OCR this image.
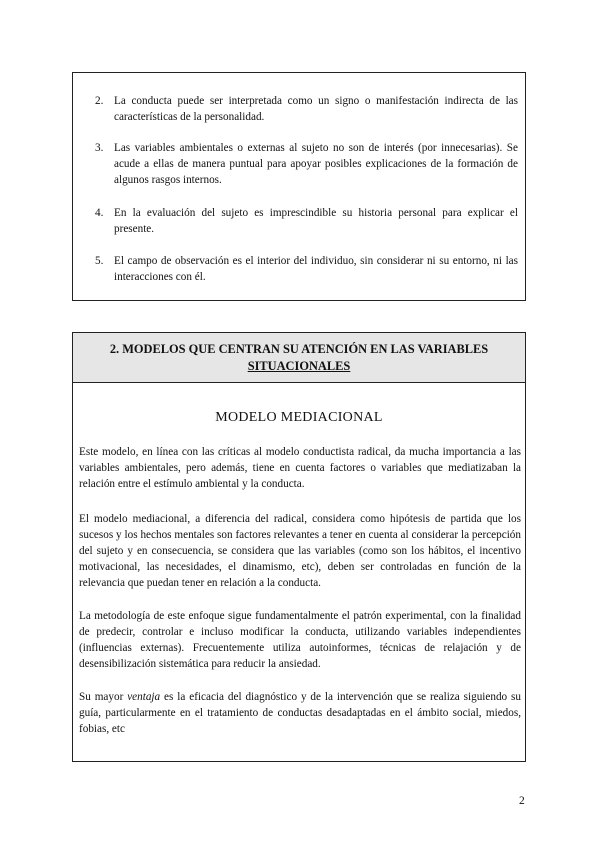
2. La conducta puede ser interpretada como un signo o manifestación indirecta de las características de la personalidad.
3. Las variables ambientales o externas al sujeto no son de interés (por innecesarias). Se acude a ellas de manera puntual para apoyar posibles explicaciones de la formación de algunos rasgos internos.
4. En la evaluación del sujeto es imprescindible su historia personal para explicar el presente.
5. El campo de observación es el interior del individuo, sin considerar ni su entorno, ni las interacciones con él.
2. MODELOS QUE CENTRAN SU ATENCIÓN EN LAS VARIABLES
SITUACIONALES
MODELO MEDIACIONAL

Este modelo, en línea con las críticas al modelo conductista radical, da mucha importancia a las variables ambientales, pero además, tiene en cuenta factores o variables que mediatizaban la relación entre el estímulo ambiental y la conducta.

El modelo mediacional, a diferencia del radical, considera como hipótesis de partida que los sucesos y los hechos mentales son factores relevantes a tener en cuenta al considerar la percepción del sujeto y en consecuencia, se considera que las variables (como son los hábitos, el incentivo motivacional, las necesidades, el dinamismo, etc), deben ser controladas en función de la relevancia que puedan tener en relación a la conducta.

La metodología de este enfoque sigue fundamentalmente el patrón experimental, con la finalidad de predecir, controlar e incluso modificar la conducta, utilizando variables independientes (influencias externas). Frecuentemente utiliza autoinformes, técnicas de relajación y de desensibilización sistemática para reducir la ansiedad.

Su mayor ventaja es la eficacia del diagnóstico y de la intervención que se realiza siguiendo su guía, particularmente en el tratamiento de conductas desadaptadas en el ámbito social, miedos, fobias, etc

2
